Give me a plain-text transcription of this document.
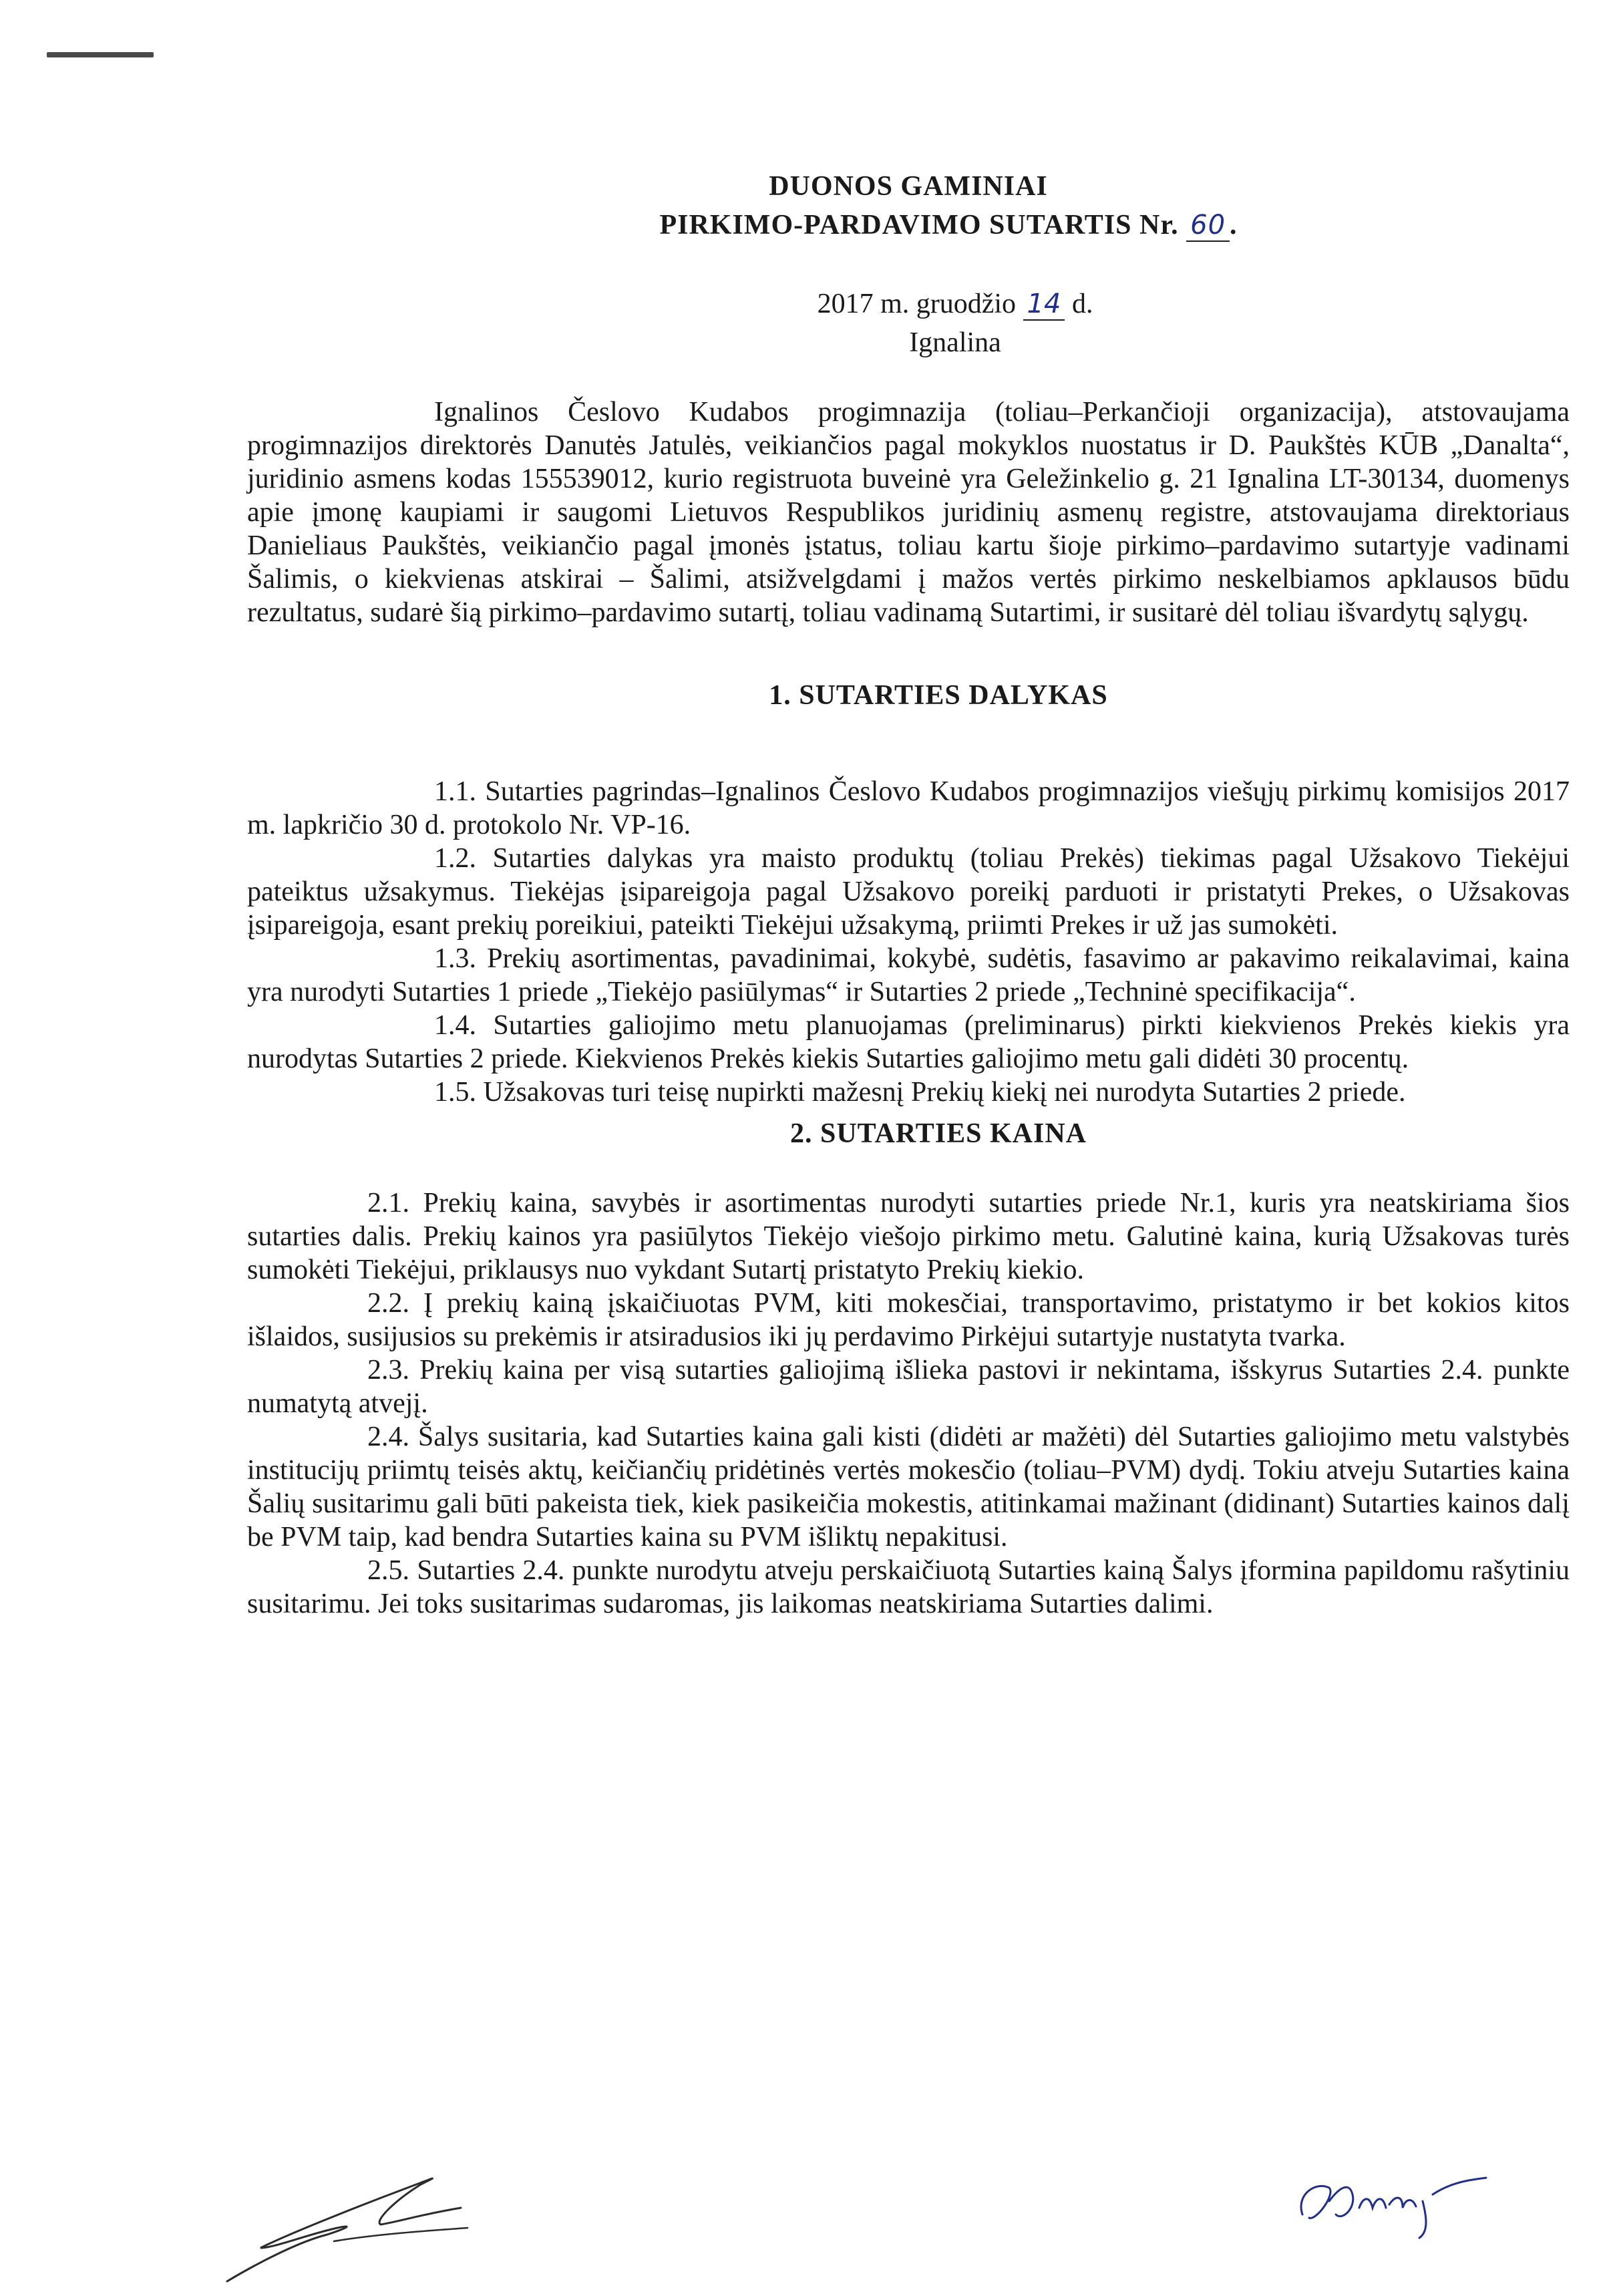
DUONOS GAMINIAI

PIRKIMO-PARDAVIMO SUTARTIS Nr. 60 .

2017 m. gruodžio 14 d.
Ignalina

Ignalinos Česlovo Kudabos progimnazija (toliau–Perkančioji organizacija), atstovaujama progimnazijos direktorės Danutės Jatulės, veikiančios pagal mokyklos nuostatus ir D. Paukštės KŪB „Danalta“, juridinio asmens kodas 155539012, kurio registruota buveinė yra Geležinkelio g. 21 Ignalina LT-30134, duomenys apie įmonę kaupiami ir saugomi Lietuvos Respublikos juridinių asmenų registre, atstovaujama direktoriaus Danieliaus Paukštės, veikiančio pagal įmonės įstatus, toliau kartu šioje pirkimo–pardavimo sutartyje vadinami Šalimis, o kiekvienas atskirai – Šalimi, atsižvelgdami į mažos vertės pirkimo neskelbiamos apklausos būdu rezultatus, sudarė šią pirkimo–pardavimo sutartį, toliau vadinamą Sutartimi, ir susitarė dėl toliau išvardytų sąlygų.

1. SUTARTIES DALYKAS

1.1. Sutarties pagrindas–Ignalinos Česlovo Kudabos progimnazijos viešųjų pirkimų komisijos 2017 m. lapkričio 30 d. protokolo Nr. VP-16.

1.2. Sutarties dalykas yra maisto produktų (toliau Prekės) tiekimas pagal Užsakovo Tiekėjui pateiktus užsakymus. Tiekėjas įsipareigoja pagal Užsakovo poreikį parduoti ir pristatyti Prekes, o Užsakovas įsipareigoja, esant prekių poreikiui, pateikti Tiekėjui užsakymą, priimti Prekes ir už jas sumokėti.

1.3. Prekių asortimentas, pavadinimai, kokybė, sudėtis, fasavimo ar pakavimo reikalavimai, kaina yra nurodyti Sutarties 1 priede „Tiekėjo pasiūlymas“ ir Sutarties 2 priede „Techninė specifikacija“.

1.4. Sutarties galiojimo metu planuojamas (preliminarus) pirkti kiekvienos Prekės kiekis yra nurodytas Sutarties 2 priede. Kiekvienos Prekės kiekis Sutarties galiojimo metu gali didėti 30 procentų.

1.5. Užsakovas turi teisę nupirkti mažesnį Prekių kiekį nei nurodyta Sutarties 2 priede.

2. SUTARTIES KAINA

2.1. Prekių kaina, savybės ir asortimentas nurodyti sutarties priede Nr.1, kuris yra neatskiriama šios sutarties dalis. Prekių kainos yra pasiūlytos Tiekėjo viešojo pirkimo metu. Galutinė kaina, kurią Užsakovas turės sumokėti Tiekėjui, priklausys nuo vykdant Sutartį pristatyto Prekių kiekio.

2.2. Į prekių kainą įskaičiuotas PVM, kiti mokesčiai, transportavimo, pristatymo ir bet kokios kitos išlaidos, susijusios su prekėmis ir atsiradusios iki jų perdavimo Pirkėjui sutartyje nustatyta tvarka.

2.3. Prekių kaina per visą sutarties galiojimą išlieka pastovi ir nekintama, išskyrus Sutarties 2.4. punkte numatytą atvejį.

2.4. Šalys susitaria, kad Sutarties kaina gali kisti (didėti ar mažėti) dėl Sutarties galiojimo metu valstybės institucijų priimtų teisės aktų, keičiančių pridėtinės vertės mokesčio (toliau–PVM) dydį. Tokiu atveju Sutarties kaina Šalių susitarimu gali būti pakeista tiek, kiek pasikeičia mokestis, atitinkamai mažinant (didinant) Sutarties kainos dalį be PVM taip, kad bendra Sutarties kaina su PVM išliktų nepakitusi.

2.5. Sutarties 2.4. punkte nurodytu atveju perskaičiuotą Sutarties kainą Šalys įformina papildomu rašytiniu susitarimu. Jei toks susitarimas sudaromas, jis laikomas neatskiriama Sutarties dalimi.
